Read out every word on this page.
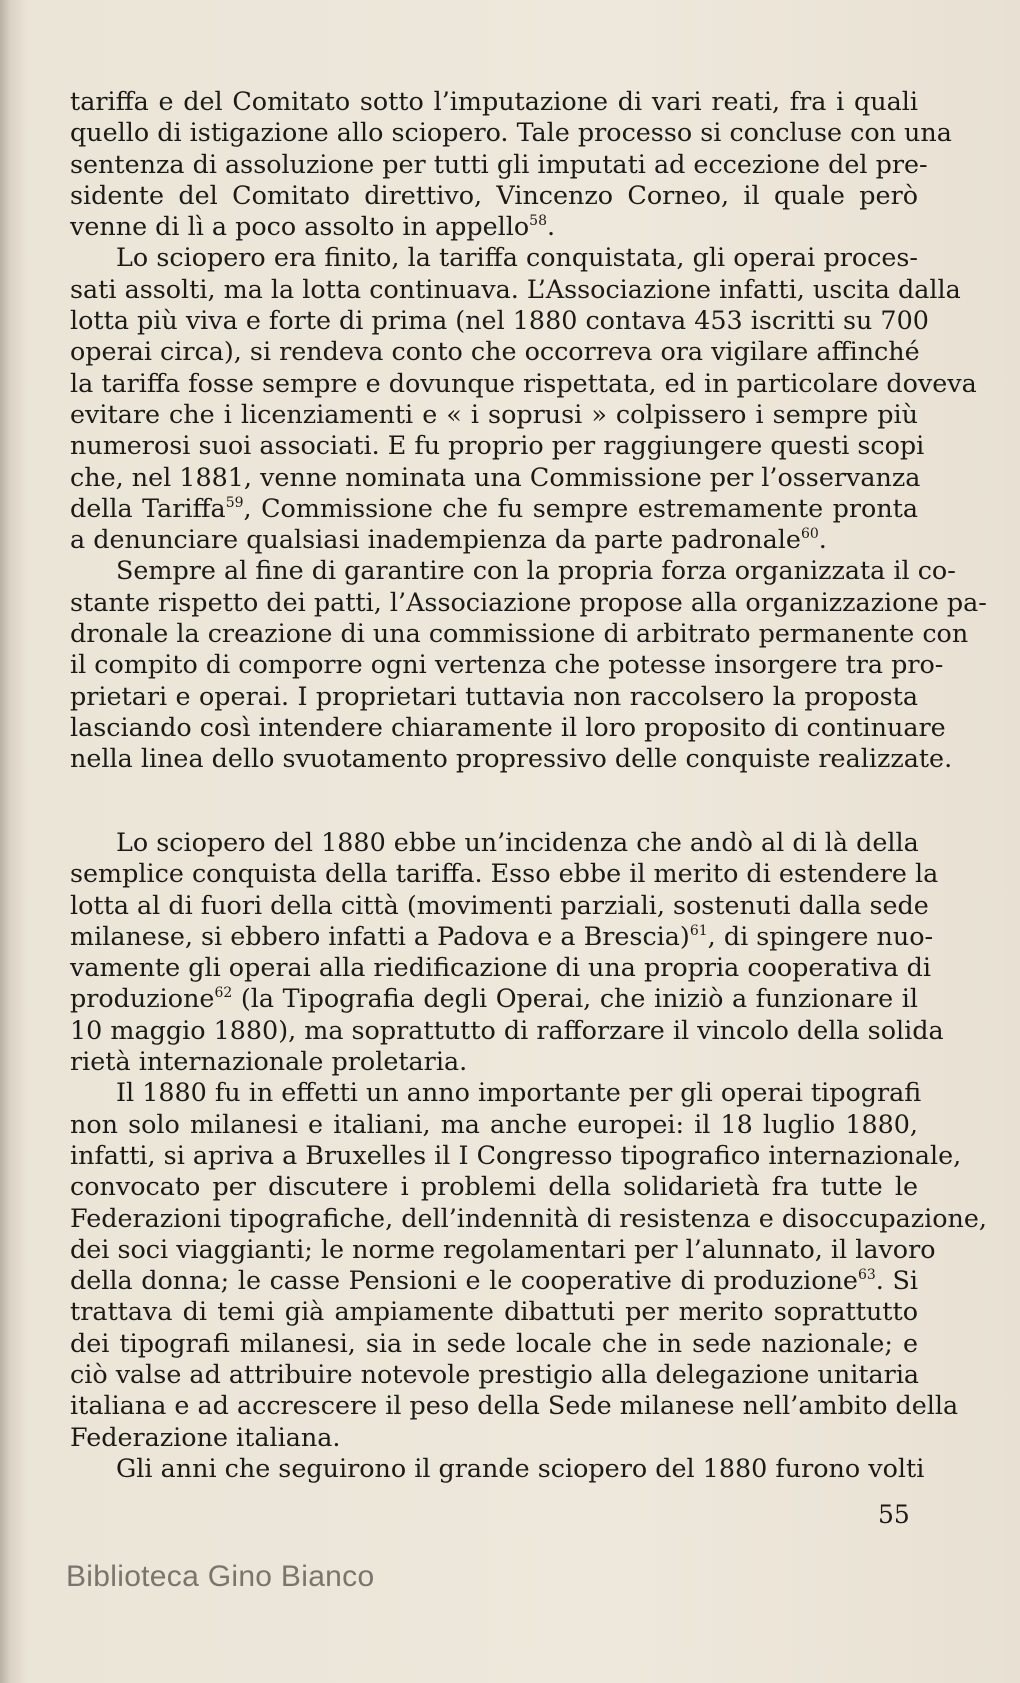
tariffa e del Comitato sotto l’imputazione di vari reati, fra i quali
quello di istigazione allo sciopero. Tale processo si concluse con una
sentenza di assoluzione per tutti gli imputati ad eccezione del pre-
sidente del Comitato direttivo, Vincenzo Corneo, il quale però
venne di lì a poco assolto in appello$^{58}$.
Lo sciopero era finito, la tariffa conquistata, gli operai proces-
sati assolti, ma la lotta continuava. L’Associazione infatti, uscita dalla
lotta più viva e forte di prima (nel 1880 contava 453 iscritti su 700
operai circa), si rendeva conto che occorreva ora vigilare affinché
la tariffa fosse sempre e dovunque rispettata, ed in particolare doveva
evitare che i licenziamenti e « i soprusi » colpissero i sempre più
numerosi suoi associati. E fu proprio per raggiungere questi scopi
che, nel 1881, venne nominata una Commissione per l’osservanza
della Tariffa$^{59}$, Commissione che fu sempre estremamente pronta
a denunciare qualsiasi inadempienza da parte padronale$^{60}$.
Sempre al fine di garantire con la propria forza organizzata il co-
stante rispetto dei patti, l’Associazione propose alla organizzazione pa-
dronale la creazione di una commissione di arbitrato permanente con
il compito di comporre ogni vertenza che potesse insorgere tra pro-
prietari e operai. I proprietari tuttavia non raccolsero la proposta
lasciando così intendere chiaramente il loro proposito di continuare
nella linea dello svuotamento propressivo delle conquiste realizzate.
Lo sciopero del 1880 ebbe un’incidenza che andò al di là della
semplice conquista della tariffa. Esso ebbe il merito di estendere la
lotta al di fuori della città (movimenti parziali, sostenuti dalla sede
milanese, si ebbero infatti a Padova e a Brescia)$^{61}$, di spingere nuo-
vamente gli operai alla riedificazione di una propria cooperativa di
produzione$^{62}$ (la Tipografia degli Operai, che iniziò a funzionare il
10 maggio 1880), ma soprattutto di rafforzare il vincolo della solida
rietà internazionale proletaria.
Il 1880 fu in effetti un anno importante per gli operai tipografi
non solo milanesi e italiani, ma anche europei: il 18 luglio 1880,
infatti, si apriva a Bruxelles il I Congresso tipografico internazionale,
convocato per discutere i problemi della solidarietà fra tutte le
Federazioni tipografiche, dell’indennità di resistenza e disoccupazione,
dei soci viaggianti; le norme regolamentari per l’alunnato, il lavoro
della donna; le casse Pensioni e le cooperative di produzione$^{63}$. Si
trattava di temi già ampiamente dibattuti per merito soprattutto
dei tipografi milanesi, sia in sede locale che in sede nazionale; e
ciò valse ad attribuire notevole prestigio alla delegazione unitaria
italiana e ad accrescere il peso della Sede milanese nell’ambito della
Federazione italiana.
Gli anni che seguirono il grande sciopero del 1880 furono volti
55
Biblioteca Gino Bianco
